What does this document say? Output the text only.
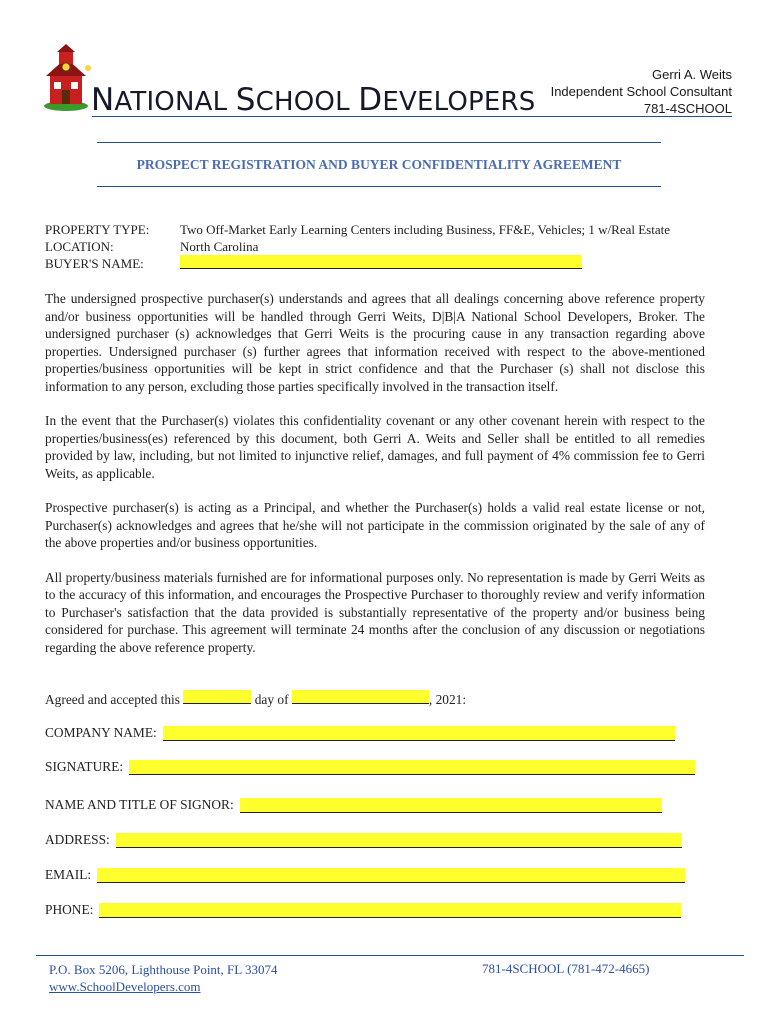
NATIONAL SCHOOL DEVELOPERS
Gerri A. Weits
Independent School Consultant
781-4SCHOOL
PROSPECT REGISTRATION AND BUYER CONFIDENTIALITY AGREEMENT
PROPERTY TYPE:	Two Off-Market Early Learning Centers including Business, FF&E, Vehicles; 1 w/Real Estate
LOCATION:	North Carolina
BUYER'S NAME:

The undersigned prospective purchaser(s) understands and agrees that all dealings concerning above reference property and/or business opportunities will be handled through Gerri Weits, D|B|A National School Developers, Broker. The undersigned purchaser (s) acknowledges that Gerri Weits is the procuring cause in any transaction regarding above properties. Undersigned purchaser (s) further agrees that information received with respect to the above-mentioned properties/business opportunities will be kept in strict confidence and that the Purchaser (s) shall not disclose this information to any person, excluding those parties specifically involved in the transaction itself.

In the event that the Purchaser(s) violates this confidentiality covenant or any other covenant herein with respect to the properties/business(es) referenced by this document, both Gerri A. Weits and Seller shall be entitled to all remedies provided by law, including, but not limited to injunctive relief, damages, and full payment of 4% commission fee to Gerri Weits, as applicable.

Prospective purchaser(s) is acting as a Principal, and whether the Purchaser(s) holds a valid real estate license or not, Purchaser(s) acknowledges and agrees that he/she will not participate in the commission originated by the sale of any of the above properties and/or business opportunities.

All property/business materials furnished are for informational purposes only. No representation is made by Gerri Weits as to the accuracy of this information, and encourages the Prospective Purchaser to thoroughly review and verify information to Purchaser's satisfaction that the data provided is substantially representative of the property and/or business being considered for purchase. This agreement will terminate 24 months after the conclusion of any discussion or negotiations regarding the above reference property.

Agreed and accepted this	day of	, 2021:
COMPANY NAME:
SIGNATURE:
NAME AND TITLE OF SIGNOR:
ADDRESS:
EMAIL:
PHONE:
P.O. Box 5206, Lighthouse Point, FL 33074
www.SchoolDevelopers.com
781-4SCHOOL (781-472-4665)
